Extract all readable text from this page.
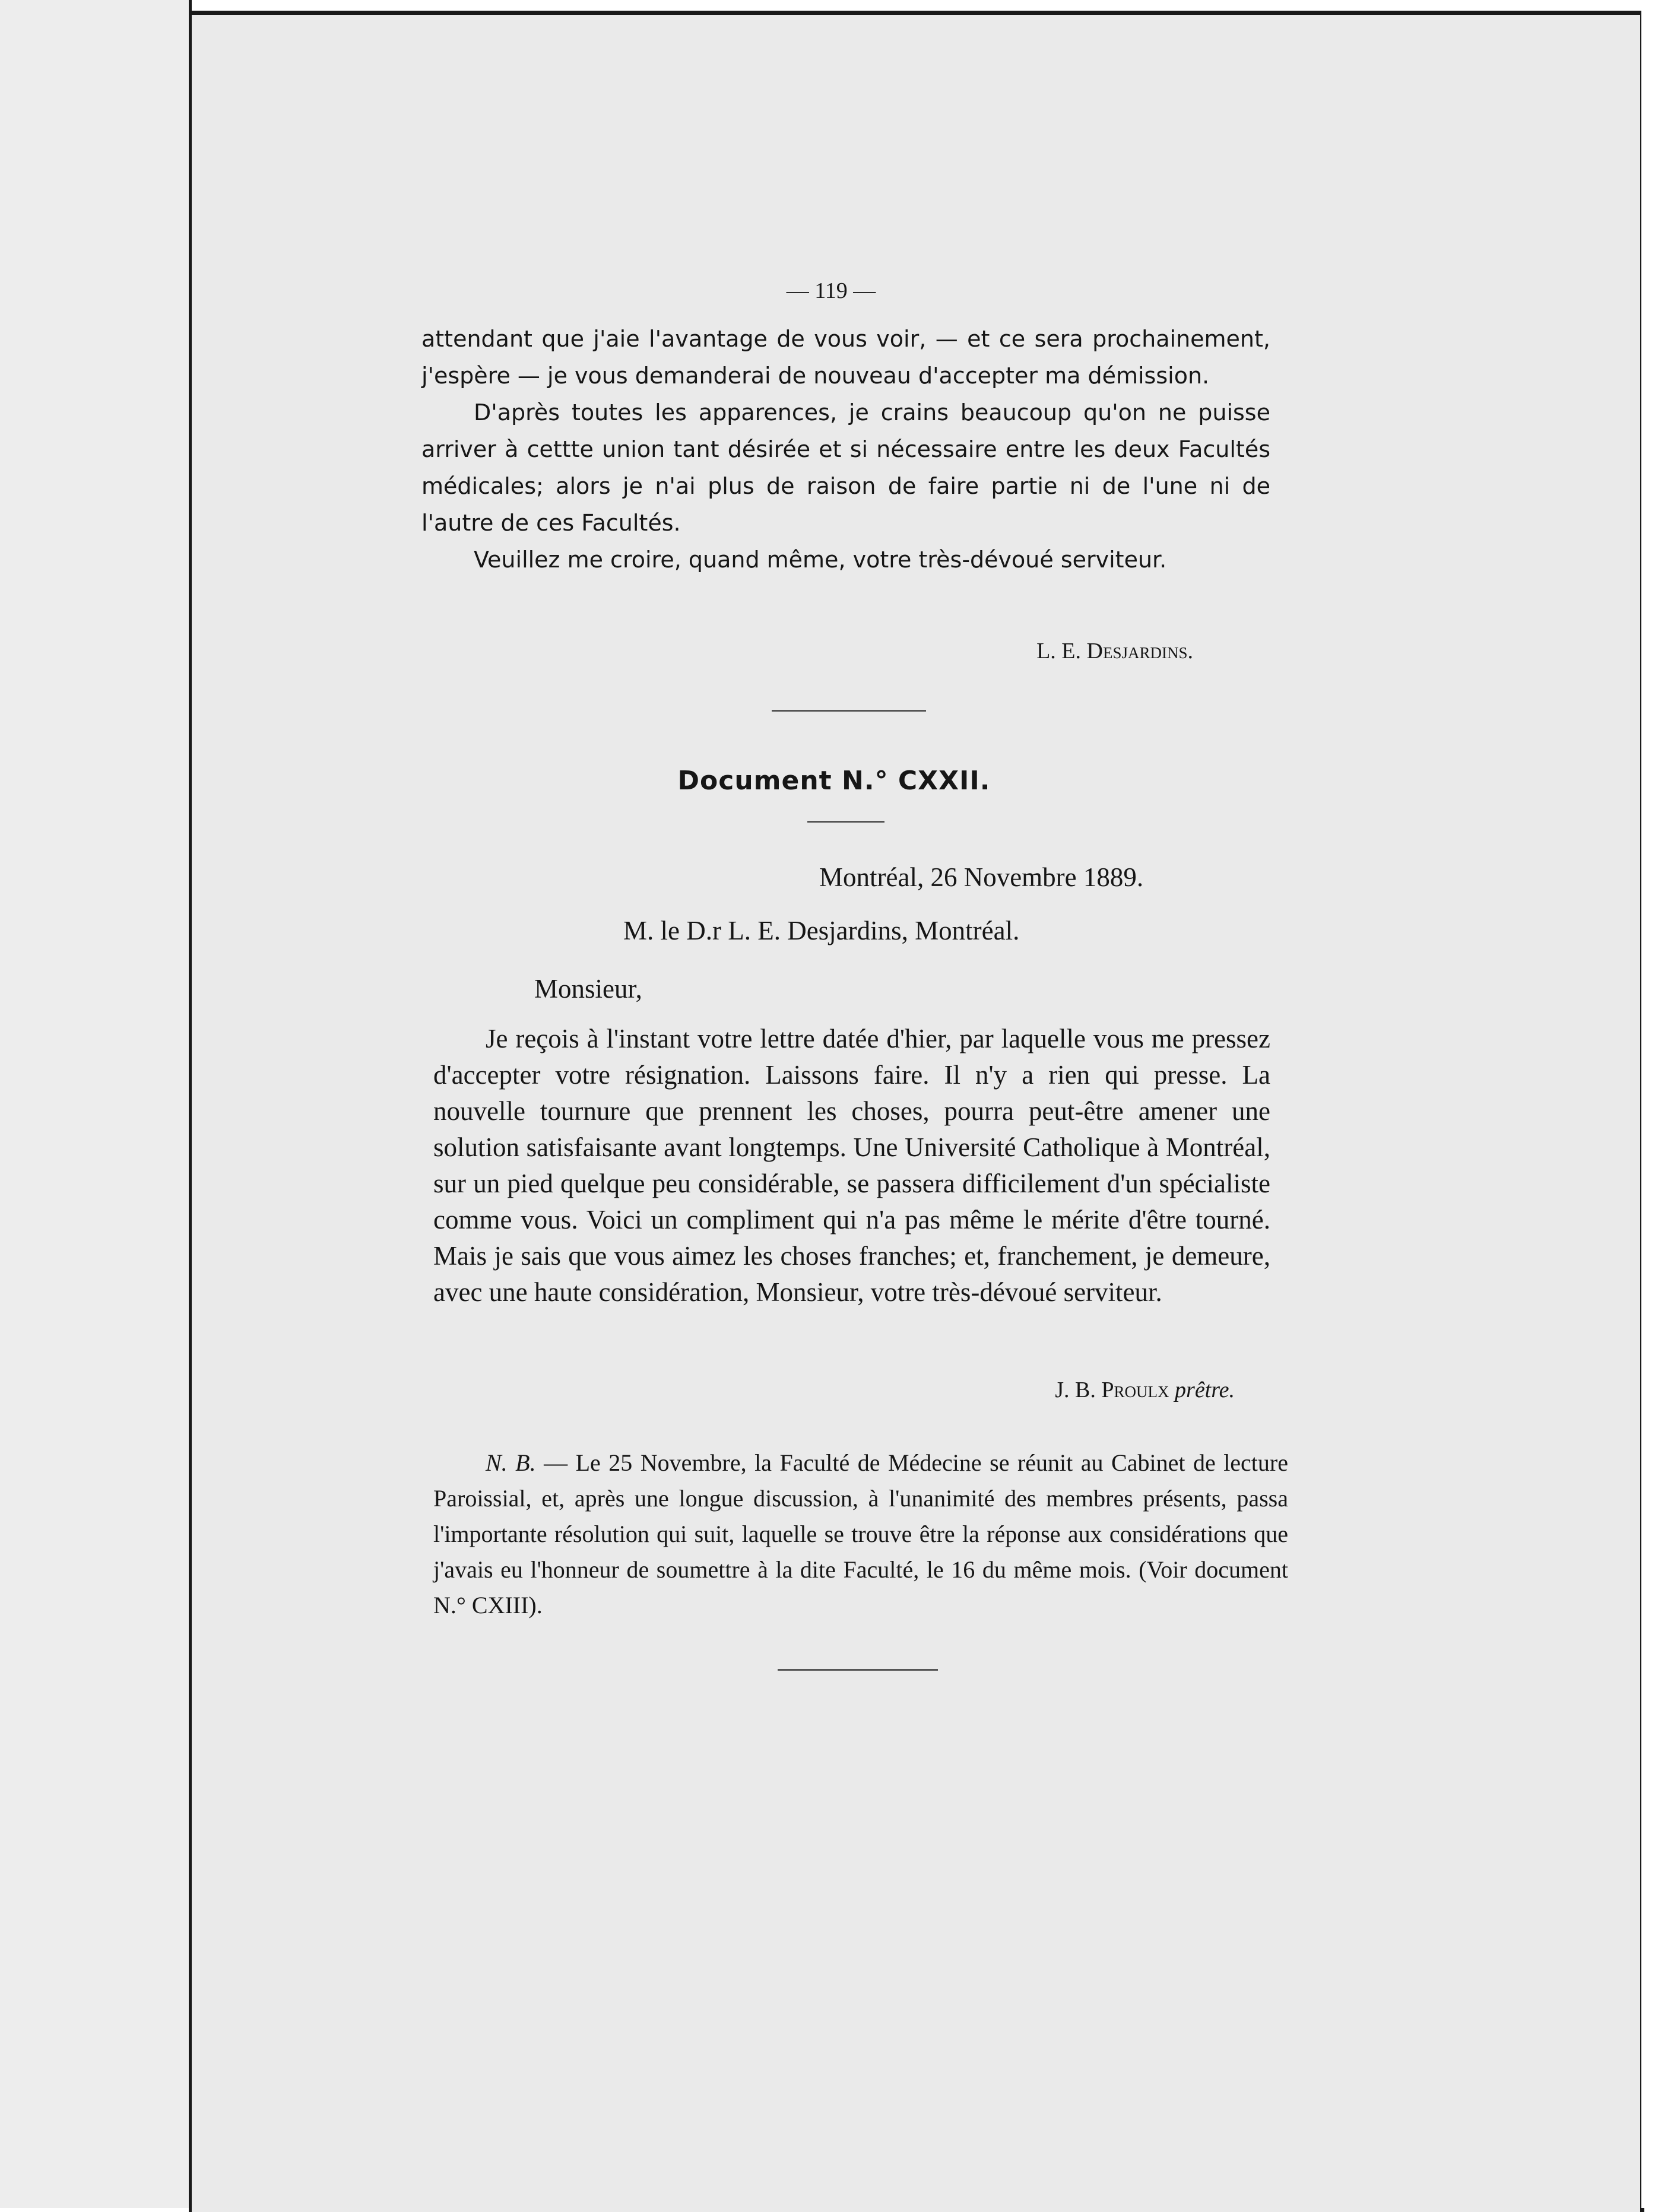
— 119 —

attendant que j'aie l'avantage de vous voir, — et ce sera prochainement, j'espère — je vous demanderai de nouveau d'accepter ma démission.

D'après toutes les apparences, je crains beaucoup qu'on ne puisse arriver à cettte union tant désirée et si nécessaire entre les deux Facultés médicales; alors je n'ai plus de raison de faire partie ni de l'une ni de l'autre de ces Facultés.

Veuillez me croire, quand même, votre très-dévoué serviteur.

L. E. Desjardins.
Document N.° CXXII.
Montréal, 26 Novembre 1889.
M. le D.r L. E. Desjardins, Montréal.
Monsieur,

Je reçois à l'instant votre lettre datée d'hier, par laquelle vous me pressez d'accepter votre résignation. Laissons faire. Il n'y a rien qui presse. La nouvelle tournure que prennent les choses, pourra peut-être amener une solution satisfaisante avant longtemps. Une Université Catholique à Montréal, sur un pied quelque peu considérable, se passera difficilement d'un spécialiste comme vous. Voici un compliment qui n'a pas même le mérite d'être tourné. Mais je sais que vous aimez les choses franches; et, franchement, je demeure, avec une haute considération, Monsieur, votre très-dévoué serviteur.

J. B. Proulx prêtre.

N. B. — Le 25 Novembre, la Faculté de Médecine se réunit au Cabinet de lecture Paroissial, et, après une longue discussion, à l'unanimité des membres présents, passa l'importante résolution qui suit, laquelle se trouve être la réponse aux considérations que j'avais eu l'honneur de soumettre à la dite Faculté, le 16 du même mois. (Voir document N.° CXIII).
